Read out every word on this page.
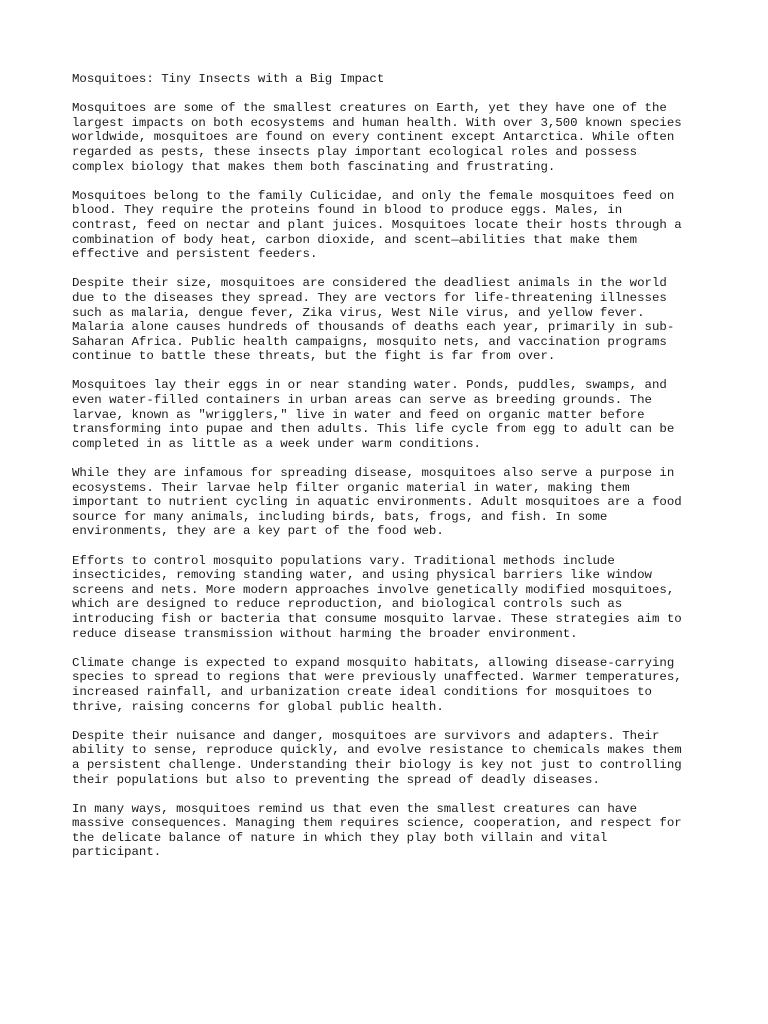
Mosquitoes: Tiny Insects with a Big Impact
Mosquitoes are some of the smallest creatures on Earth, yet they have one of the
largest impacts on both ecosystems and human health. With over 3,500 known species
worldwide, mosquitoes are found on every continent except Antarctica. While often
regarded as pests, these insects play important ecological roles and possess
complex biology that makes them both fascinating and frustrating.
Mosquitoes belong to the family Culicidae, and only the female mosquitoes feed on
blood. They require the proteins found in blood to produce eggs. Males, in
contrast, feed on nectar and plant juices. Mosquitoes locate their hosts through a
combination of body heat, carbon dioxide, and scent—abilities that make them
effective and persistent feeders.
Despite their size, mosquitoes are considered the deadliest animals in the world
due to the diseases they spread. They are vectors for life-threatening illnesses
such as malaria, dengue fever, Zika virus, West Nile virus, and yellow fever.
Malaria alone causes hundreds of thousands of deaths each year, primarily in sub-
Saharan Africa. Public health campaigns, mosquito nets, and vaccination programs
continue to battle these threats, but the fight is far from over.
Mosquitoes lay their eggs in or near standing water. Ponds, puddles, swamps, and
even water-filled containers in urban areas can serve as breeding grounds. The
larvae, known as "wrigglers," live in water and feed on organic matter before
transforming into pupae and then adults. This life cycle from egg to adult can be
completed in as little as a week under warm conditions.
While they are infamous for spreading disease, mosquitoes also serve a purpose in
ecosystems. Their larvae help filter organic material in water, making them
important to nutrient cycling in aquatic environments. Adult mosquitoes are a food
source for many animals, including birds, bats, frogs, and fish. In some
environments, they are a key part of the food web.
Efforts to control mosquito populations vary. Traditional methods include
insecticides, removing standing water, and using physical barriers like window
screens and nets. More modern approaches involve genetically modified mosquitoes,
which are designed to reduce reproduction, and biological controls such as
introducing fish or bacteria that consume mosquito larvae. These strategies aim to
reduce disease transmission without harming the broader environment.
Climate change is expected to expand mosquito habitats, allowing disease-carrying
species to spread to regions that were previously unaffected. Warmer temperatures,
increased rainfall, and urbanization create ideal conditions for mosquitoes to
thrive, raising concerns for global public health.
Despite their nuisance and danger, mosquitoes are survivors and adapters. Their
ability to sense, reproduce quickly, and evolve resistance to chemicals makes them
a persistent challenge. Understanding their biology is key not just to controlling
their populations but also to preventing the spread of deadly diseases.
In many ways, mosquitoes remind us that even the smallest creatures can have
massive consequences. Managing them requires science, cooperation, and respect for
the delicate balance of nature in which they play both villain and vital
participant.
